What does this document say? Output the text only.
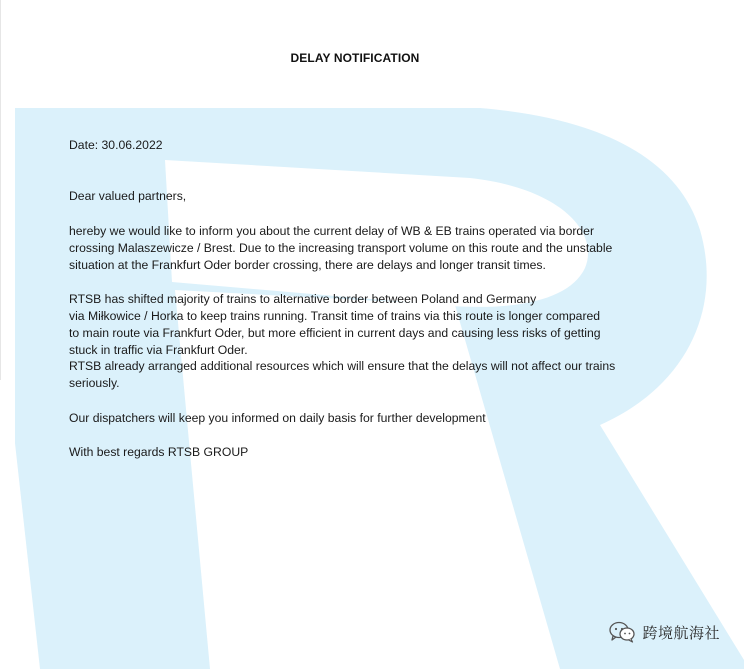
DELAY NOTIFICATION
Date: 30.06.2022
Dear valued partners,
hereby we would like to inform you about the current delay of WB & EB trains operated via border
crossing Malaszewicze / Brest. Due to the increasing transport volume on this route and the unstable
situation at the Frankfurt Oder border crossing, there are delays and longer transit times.
RTSB has shifted majority of trains to alternative border between Poland and Germany
via Miłkowice / Horka to keep trains running. Transit time of trains via this route is longer compared
to main route via Frankfurt Oder, but more efficient in current days and causing less risks of getting
stuck in traffic via Frankfurt Oder.
RTSB already arranged additional resources which will ensure that the delays will not affect our trains
seriously.
Our dispatchers will keep you informed on daily basis for further development
With best regards RTSB GROUP
跨境航海社
